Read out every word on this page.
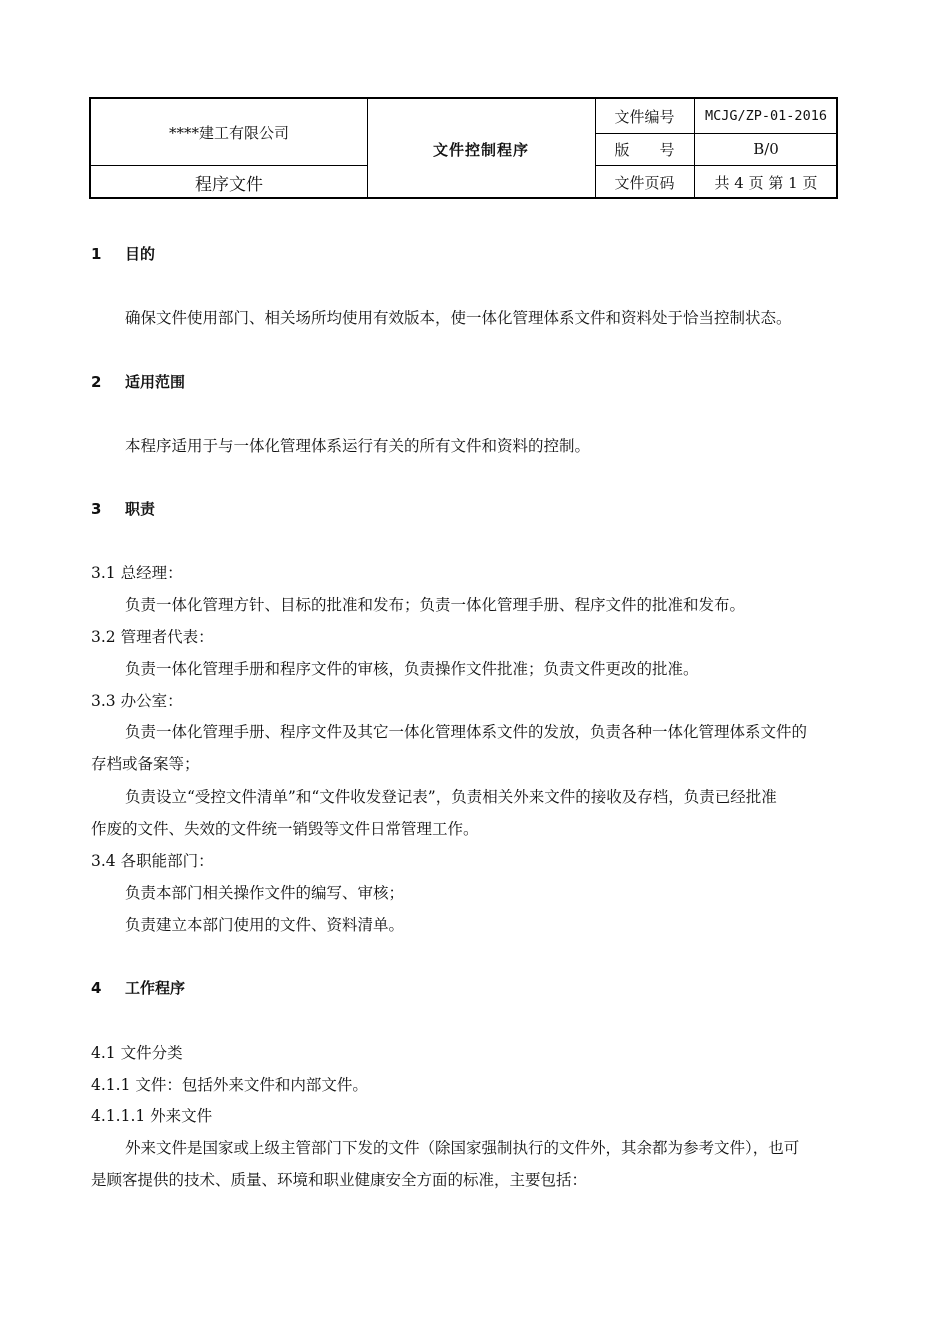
****建工有限公司
程序文件
文件控制程序
文件编号	MCJG/ZP-01-2016
版　　号	B/0
文件页码	共 4 页 第 1 页
1 目的
确保文件使用部门、相关场所均使用有效版本，使一体化管理体系文件和资料处于恰当控制状态。
2 适用范围
本程序适用于与一体化管理体系运行有关的所有文件和资料的控制。
3 职责
3.1 总经理：
负责一体化管理方针、目标的批准和发布；负责一体化管理手册、程序文件的批准和发布。
3.2 管理者代表：
负责一体化管理手册和程序文件的审核，负责操作文件批准；负责文件更改的批准。
3.3 办公室：
负责一体化管理手册、程序文件及其它一体化管理体系文件的发放，负责各种一体化管理体系文件的
存档或备案等；
负责设立“受控文件清单”和“文件收发登记表”，负责相关外来文件的接收及存档，负责已经批准
作废的文件、失效的文件统一销毁等文件日常管理工作。
3.4 各职能部门：
负责本部门相关操作文件的编写、审核；
负责建立本部门使用的文件、资料清单。
4 工作程序
4.1 文件分类
4.1.1 文件：包括外来文件和内部文件。
4.1.1.1 外来文件
外来文件是国家或上级主管部门下发的文件（除国家强制执行的文件外，其余都为参考文件），也可
是顾客提供的技术、质量、环境和职业健康安全方面的标准，主要包括：
